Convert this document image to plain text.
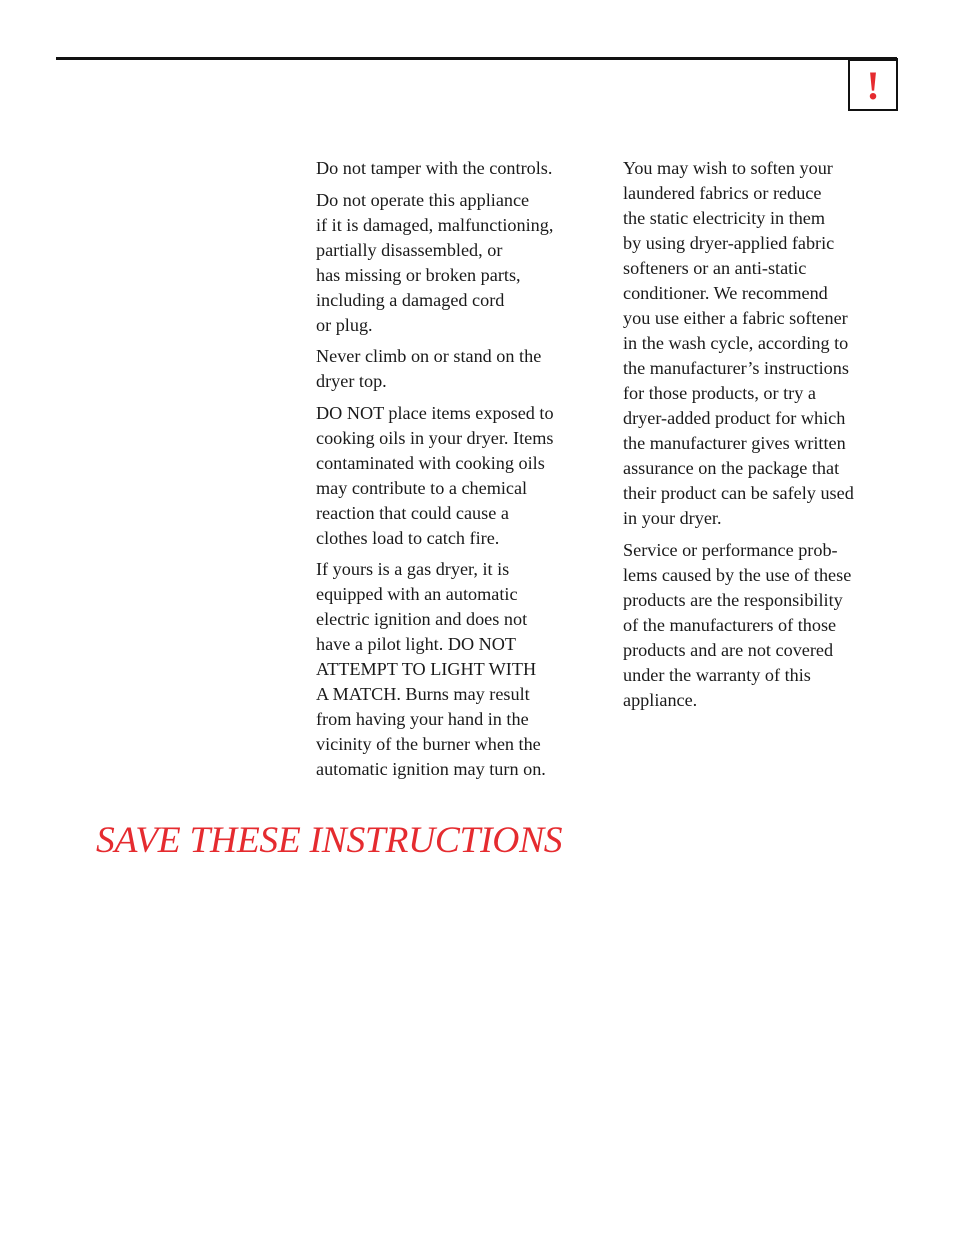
!

Do not tamper with the controls.

Do not operate this appliance
if it is damaged, malfunctioning,
partially disassembled, or
has missing or broken parts,
including a damaged cord
or plug.

Never climb on or stand on the
dryer top.

DO NOT place items exposed to
cooking oils in your dryer. Items
contaminated with cooking oils
may contribute to a chemical
reaction that could cause a
clothes load to catch fire.

If yours is a gas dryer, it is
equipped with an automatic
electric ignition and does not
have a pilot light. DO NOT
ATTEMPT TO LIGHT WITH
A MATCH. Burns may result
from having your hand in the
vicinity of the burner when the
automatic ignition may turn on.

You may wish to soften your
laundered fabrics or reduce
the static electricity in them
by using dryer-applied fabric
softeners or an anti-static
conditioner. We recommend
you use either a fabric softener
in the wash cycle, according to
the manufacturer’s instructions
for those products, or try a
dryer-added product for which
the manufacturer gives written
assurance on the package that
their product can be safely used
in your dryer.

Service or performance prob-
lems caused by the use of these
products are the responsibility
of the manufacturers of those
products and are not covered
under the warranty of this
appliance.

SAVE THESE INSTRUCTIONS
